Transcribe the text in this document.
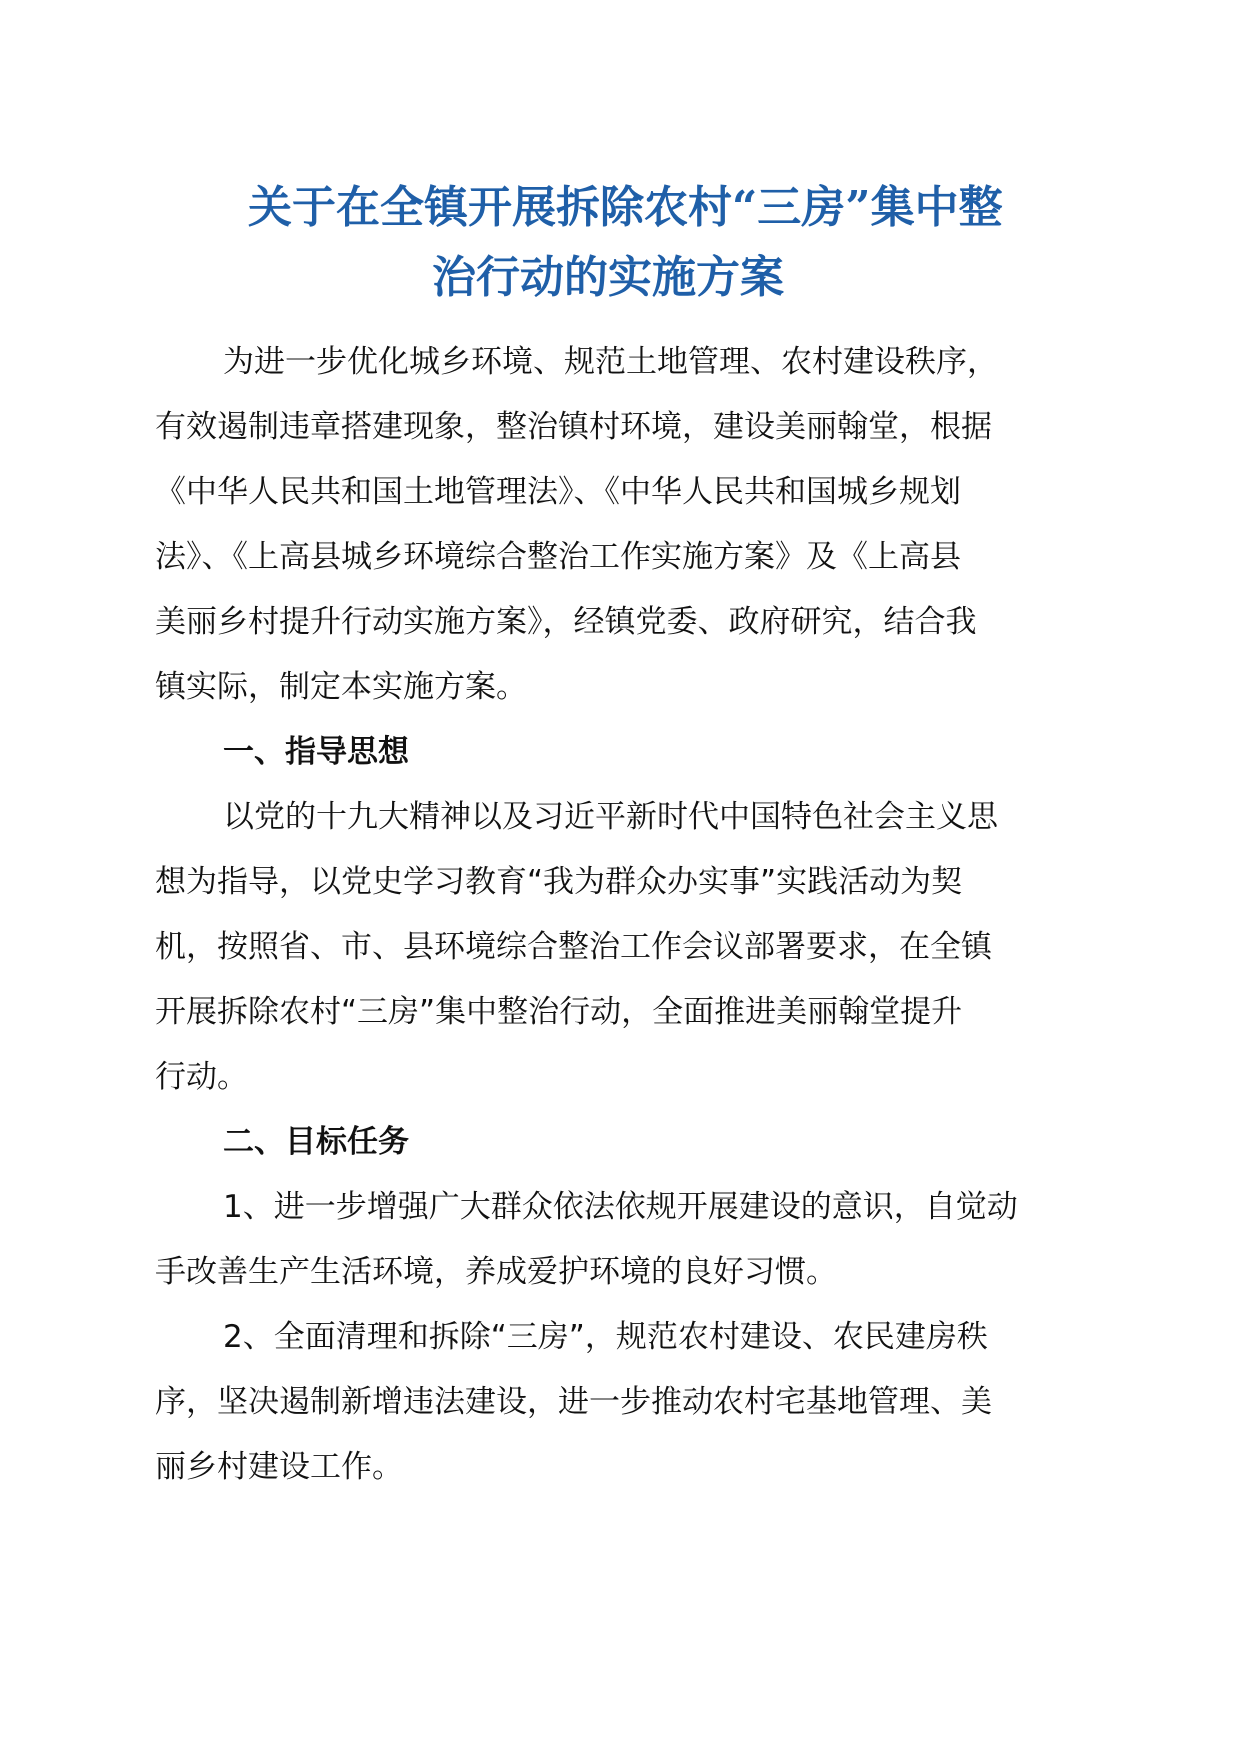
关于在全镇开展拆除农村“三房”集中整
治行动的实施方案
为进一步优化城乡环境、规范土地管理、农村建设秩序，
有效遏制违章搭建现象，整治镇村环境，建设美丽翰堂，根据
《中华人民共和国土地管理法》、《中华人民共和国城乡规划
法》、《上高县城乡环境综合整治工作实施方案》及《上高县
美丽乡村提升行动实施方案》，经镇党委、政府研究，结合我
镇实际，制定本实施方案。
一、指导思想
以党的十九大精神以及习近平新时代中国特色社会主义思
想为指导，以党史学习教育“我为群众办实事”实践活动为契
机，按照省、市、县环境综合整治工作会议部署要求，在全镇
开展拆除农村“三房”集中整治行动，全面推进美丽翰堂提升
行动。
二、目标任务
1、进一步增强广大群众依法依规开展建设的意识，自觉动
手改善生产生活环境，养成爱护环境的良好习惯。
2、全面清理和拆除“三房”，规范农村建设、农民建房秩
序，坚决遏制新增违法建设，进一步推动农村宅基地管理、美
丽乡村建设工作。
